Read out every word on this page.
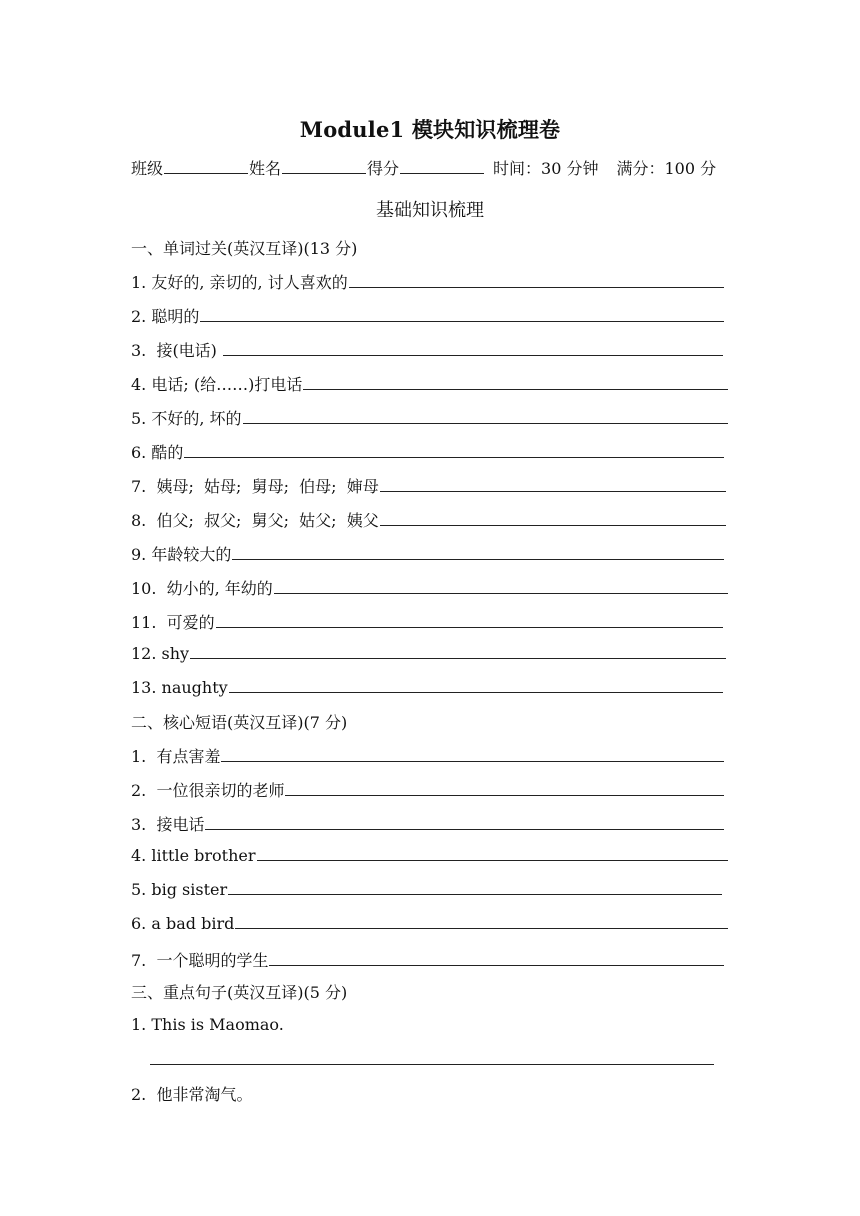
Module1 模块知识梳理卷
班级	姓名	得分	时间：30 分钟 满分：100 分
基础知识梳理
一、单词过关(英汉互译)(13 分)
1. 友好的, 亲切的, 讨人喜欢的
2. 聪明的
3.  接(电话)
4. 电话; (给……)打电话
5. 不好的, 坏的
6. 酷的
7.  姨母;  姑母;  舅母;  伯母;  婶母
8.  伯父;  叔父;  舅父;  姑父;  姨父
9. 年龄较大的
10.  幼小的, 年幼的
11.  可爱的
12. shy
13. naughty
二、核心短语(英汉互译)(7 分)
1.  有点害羞
2.  一位很亲切的老师
3.  接电话
4. little brother
5. big sister
6. a bad bird
7.  一个聪明的学生
三、重点句子(英汉互译)(5 分)
1. This is Maomao.
2.  他非常淘气。
